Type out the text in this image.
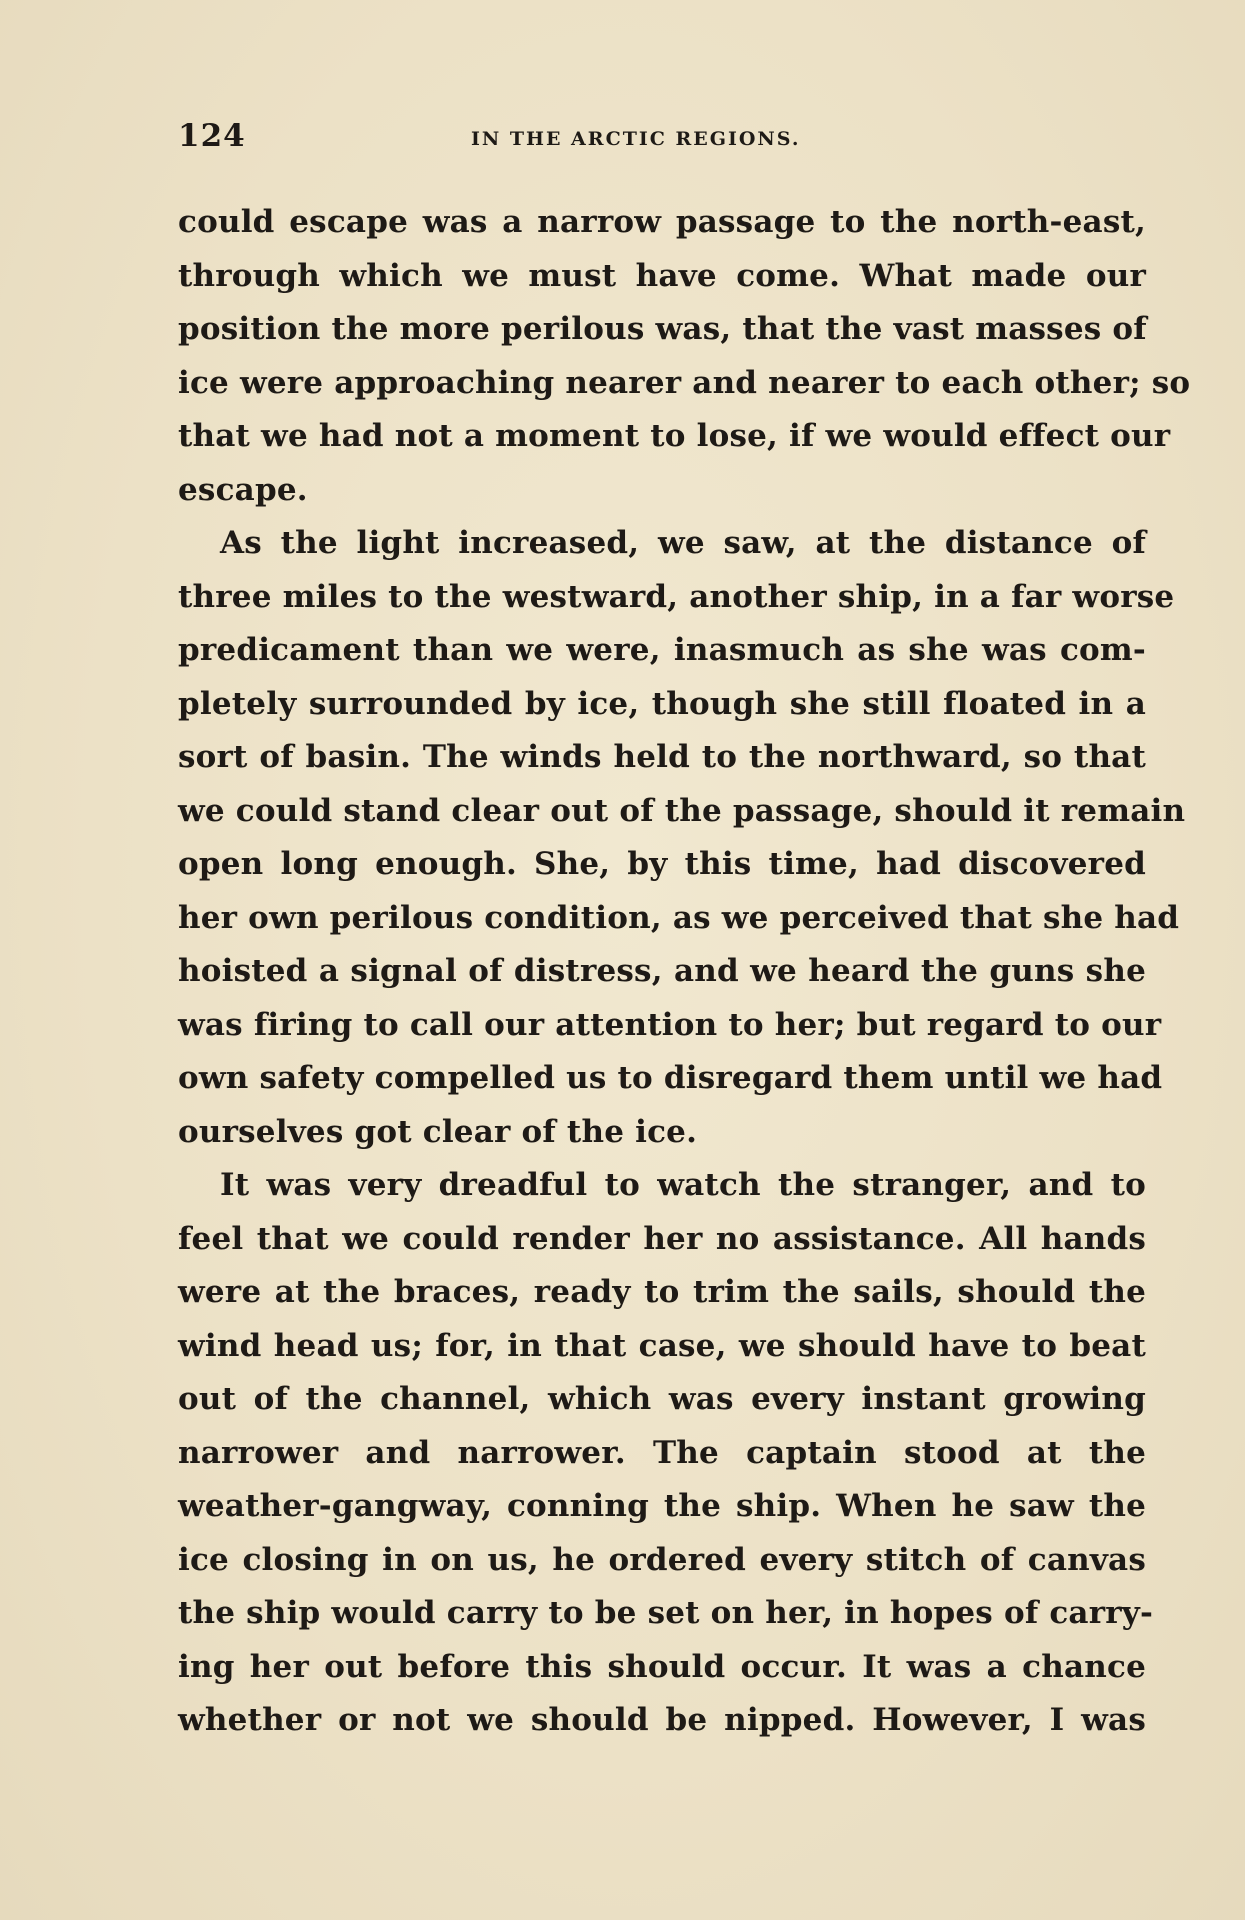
124	IN THE ARCTIC REGIONS.
could escape was a narrow passage to the north-east,
through which we must have come. What made our
position the more perilous was, that the vast masses of
ice were approaching nearer and nearer to each other; so
that we had not a moment to lose, if we would effect our
escape.
As the light increased, we saw, at the distance of
three miles to the westward, another ship, in a far worse
predicament than we were, inasmuch as she was com-
pletely surrounded by ice, though she still floated in a
sort of basin. The winds held to the northward, so that
we could stand clear out of the passage, should it remain
open long enough. She, by this time, had discovered
her own perilous condition, as we perceived that she had
hoisted a signal of distress, and we heard the guns she
was firing to call our attention to her; but regard to our
own safety compelled us to disregard them until we had
ourselves got clear of the ice.
It was very dreadful to watch the stranger, and to
feel that we could render her no assistance. All hands
were at the braces, ready to trim the sails, should the
wind head us; for, in that case, we should have to beat
out of the channel, which was every instant growing
narrower and narrower. The captain stood at the
weather-gangway, conning the ship. When he saw the
ice closing in on us, he ordered every stitch of canvas
the ship would carry to be set on her, in hopes of carry-
ing her out before this should occur. It was a chance
whether or not we should be nipped. However, I was
